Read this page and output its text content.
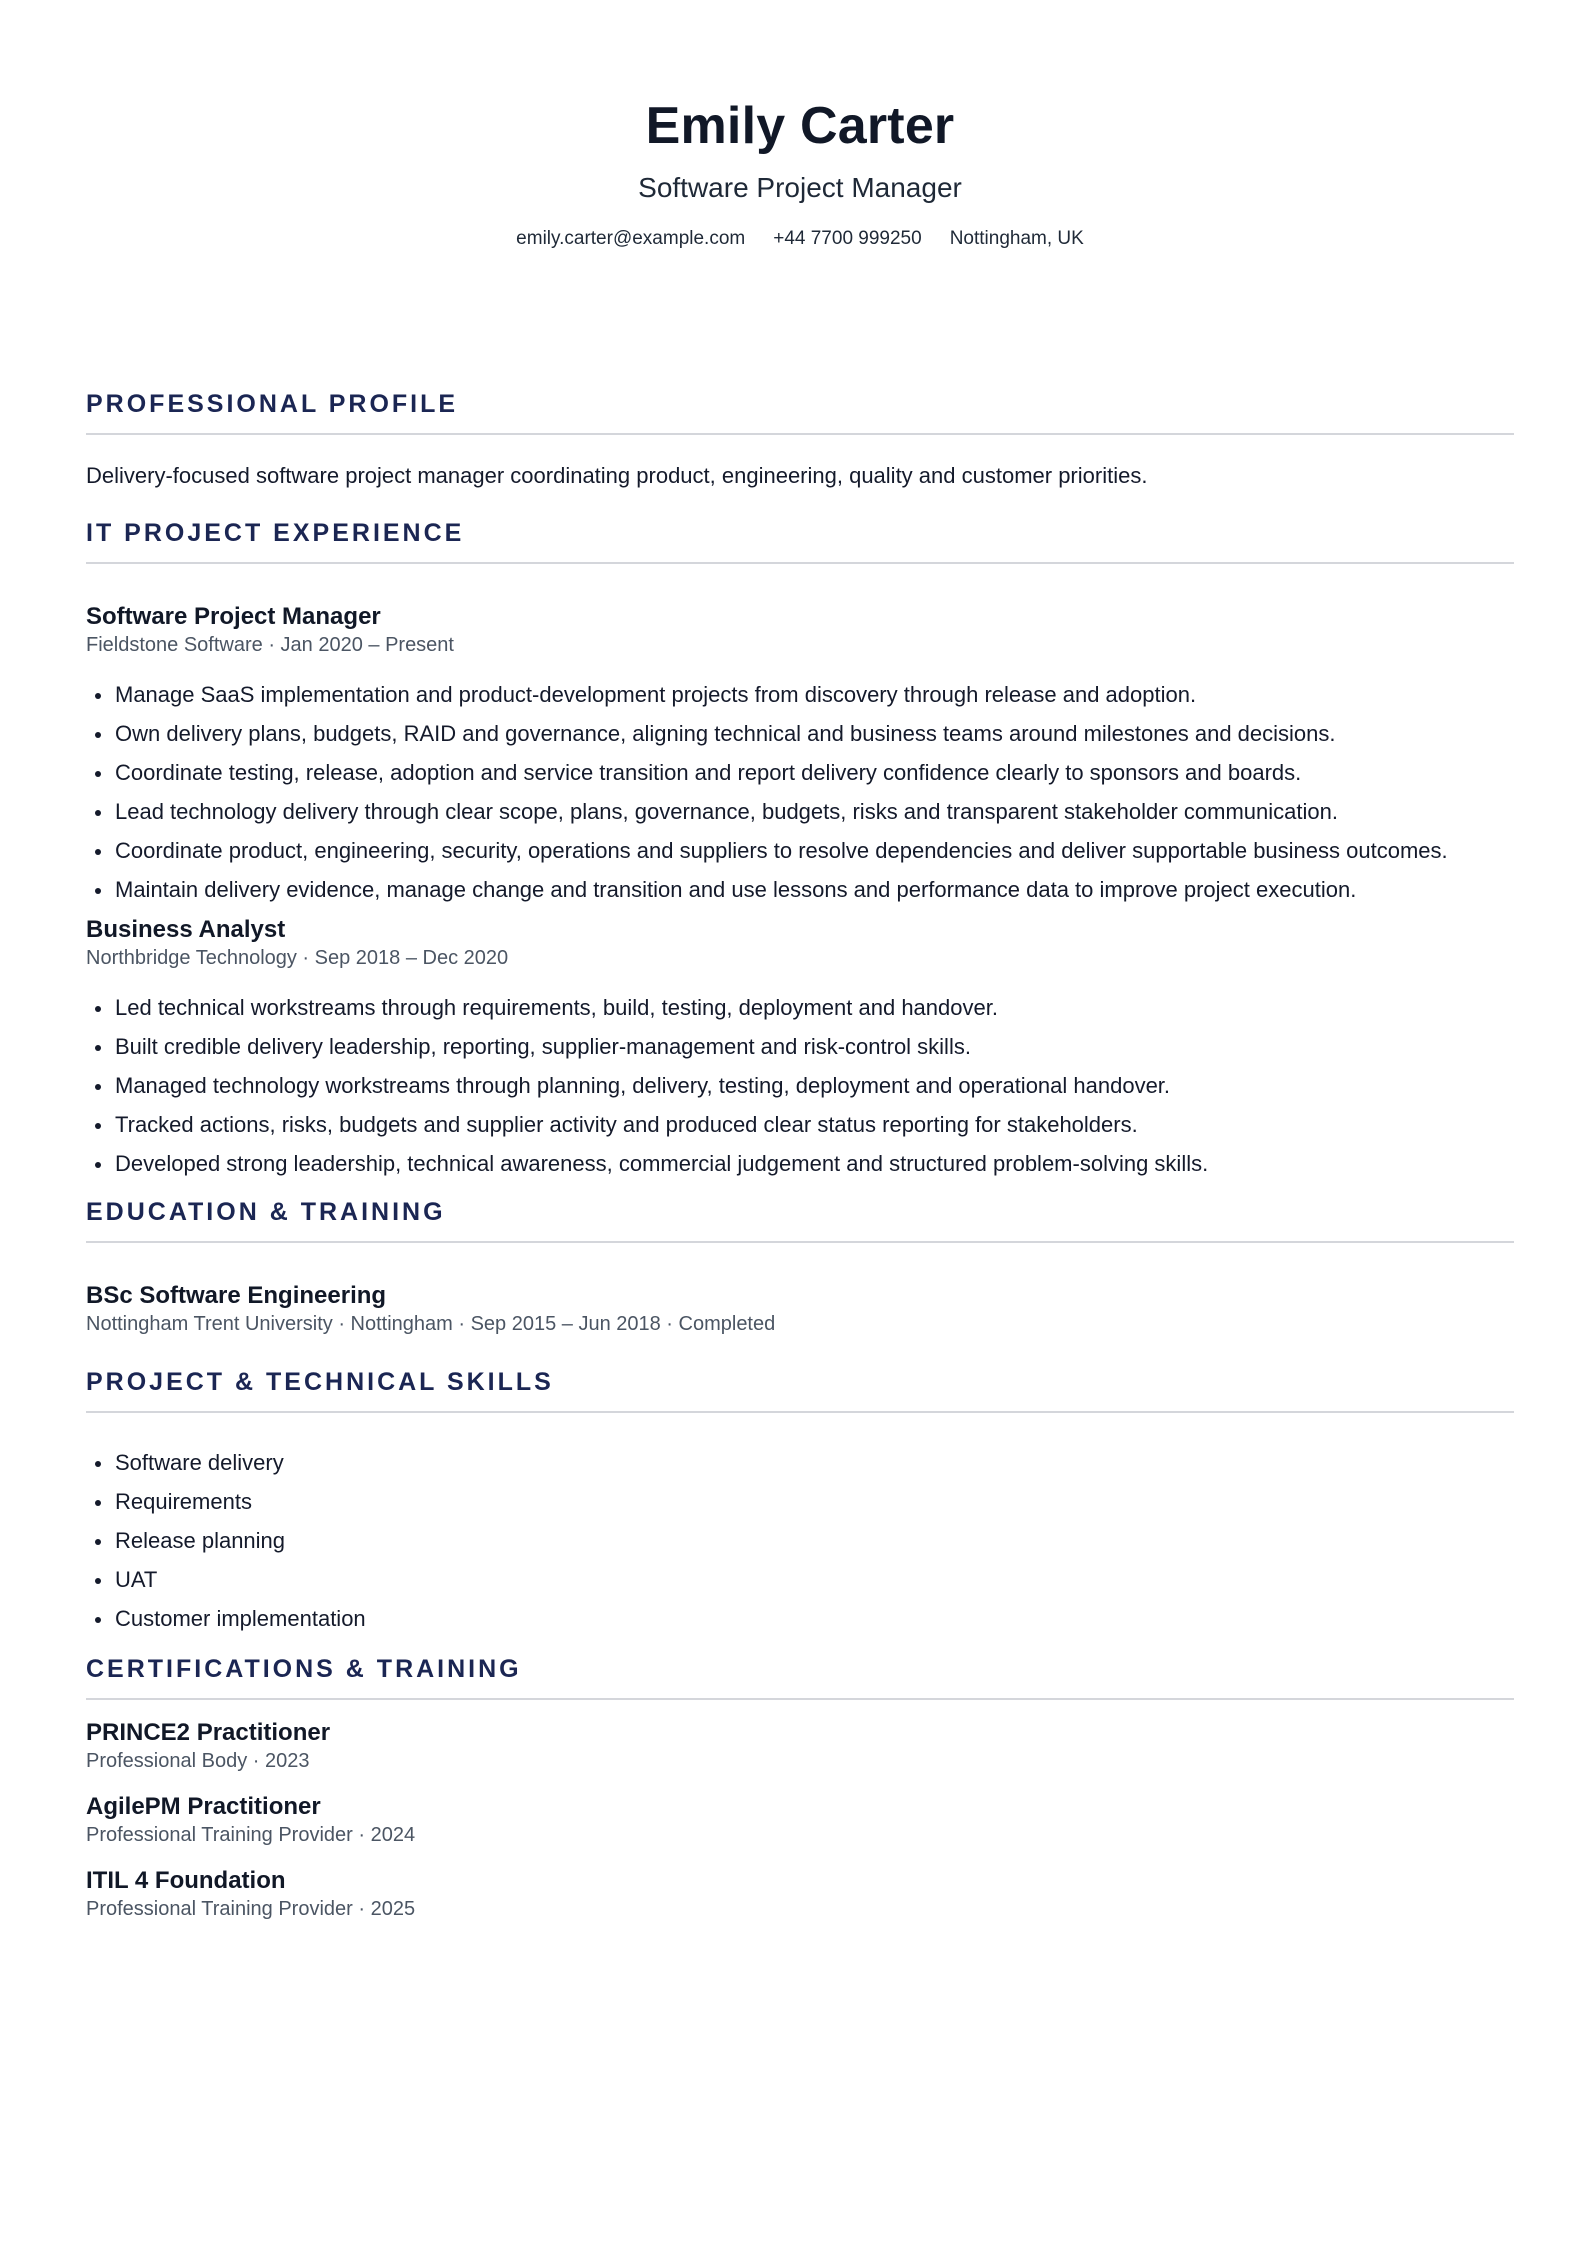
Emily Carter
Software Project Manager
emily.carter@example.com +44 7700 999250 Nottingham, UK
PROFESSIONAL PROFILE
Delivery-focused software project manager coordinating product, engineering, quality and customer priorities.
IT PROJECT EXPERIENCE
Software Project Manager
Fieldstone Software · Jan 2020 – Present
Manage SaaS implementation and product-development projects from discovery through release and adoption.
Own delivery plans, budgets, RAID and governance, aligning technical and business teams around milestones and decisions.
Coordinate testing, release, adoption and service transition and report delivery confidence clearly to sponsors and boards.
Lead technology delivery through clear scope, plans, governance, budgets, risks and transparent stakeholder communication.
Coordinate product, engineering, security, operations and suppliers to resolve dependencies and deliver supportable business outcomes.
Maintain delivery evidence, manage change and transition and use lessons and performance data to improve project execution.
Business Analyst
Northbridge Technology · Sep 2018 – Dec 2020
Led technical workstreams through requirements, build, testing, deployment and handover.
Built credible delivery leadership, reporting, supplier-management and risk-control skills.
Managed technology workstreams through planning, delivery, testing, deployment and operational handover.
Tracked actions, risks, budgets and supplier activity and produced clear status reporting for stakeholders.
Developed strong leadership, technical awareness, commercial judgement and structured problem-solving skills.
EDUCATION & TRAINING
BSc Software Engineering
Nottingham Trent University · Nottingham · Sep 2015 – Jun 2018 · Completed
PROJECT & TECHNICAL SKILLS
Software delivery
Requirements
Release planning
UAT
Customer implementation
CERTIFICATIONS & TRAINING
PRINCE2 Practitioner
Professional Body · 2023
AgilePM Practitioner
Professional Training Provider · 2024
ITIL 4 Foundation
Professional Training Provider · 2025
